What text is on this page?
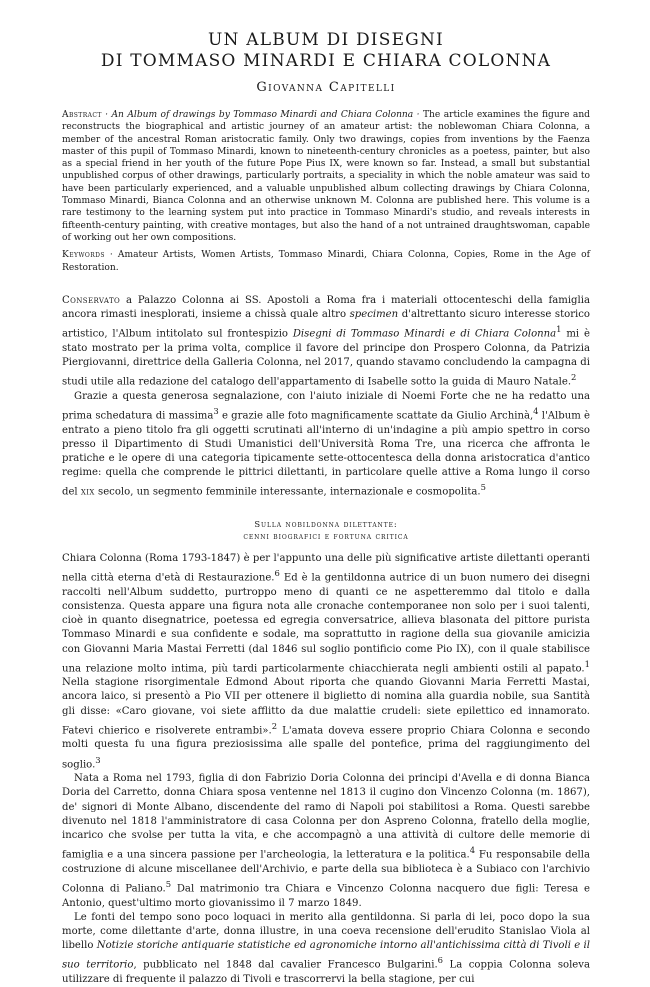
UN ALBUM DI DISEGNI
DI TOMMASO MINARDI E CHIARA COLONNA
Giovanna Capitelli

Abstract · An Album of drawings by Tommaso Minardi and Chiara Colonna · The article examines the figure and reconstructs the biographical and artistic journey of an amateur artist: the noblewoman Chiara Colonna, a member of the ancestral Roman aristocratic family. Only two drawings, copies from inventions by the Faenza master of this pupil of Tommaso Minardi, known to nineteenth-century chronicles as a poetess, painter, but also as a special friend in her youth of the future Pope Pius IX, were known so far. Instead, a small but substantial unpublished corpus of other drawings, particularly portraits, a speciality in which the noble amateur was said to have been particularly experienced, and a valuable unpublished album collecting drawings by Chiara Colonna, Tommaso Minardi, Bianca Colonna and an otherwise unknown M. Colonna are published here. This volume is a rare testimony to the learning system put into practice in Tommaso Minardi's studio, and reveals interests in fifteenth-century painting, with creative montages, but also the hand of a not untrained draughtswoman, capable of working out her own compositions.

Keywords · Amateur Artists, Women Artists, Tommaso Minardi, Chiara Colonna, Copies, Rome in the Age of Restoration.

Conservato a Palazzo Colonna ai SS. Apostoli a Roma fra i materiali ottocenteschi della famiglia ancora rimasti inesplorati, insieme a chissà quale altro specimen d'altrettanto sicuro interesse storico artistico, l'Album intitolato sul frontespizio Disegni di Tommaso Minardi e di Chiara Colonna$^1$ mi è stato mostrato per la prima volta, complice il favore del principe don Prospero Colonna, da Patrizia Piergiovanni, direttrice della Galleria Colonna, nel 2017, quando stavamo concludendo la campagna di studi utile alla redazione del catalogo dell'appartamento di Isabelle sotto la guida di Mauro Natale.$^2$

Grazie a questa generosa segnalazione, con l'aiuto iniziale di Noemi Forte che ne ha redatto una prima schedatura di massima$^3$ e grazie alle foto magnificamente scattate da Giulio Archinà,$^4$ l'Album è entrato a pieno titolo fra gli oggetti scrutinati all'interno di un'indagine a più ampio spettro in corso presso il Dipartimento di Studi Umanistici dell'Università Roma Tre, una ricerca che affronta le pratiche e le opere di una categoria tipicamente sette-ottocentesca della donna aristocratica d'antico regime: quella che comprende le pittrici dilettanti, in particolare quelle attive a Roma lungo il corso del xix secolo, un segmento femminile interessante, internazionale e cosmopolita.$^5$

Sulla nobildonna dilettante:
cenni biografici e fortuna critica

Chiara Colonna (Roma 1793-1847) è per l'appunto una delle più significative artiste dilettanti operanti nella città eterna d'età di Restaurazione.$^6$ Ed è la gentildonna autrice di un buon numero dei disegni raccolti nell'Album suddetto, purtroppo meno di quanti ce ne aspetteremmo dal titolo e dalla consistenza. Questa appare una figura nota alle cronache contemporanee non solo per i suoi talenti, cioè in quanto disegnatrice, poetessa ed egregia conversatrice, allieva blasonata del pittore purista Tommaso Minardi e sua confidente e sodale, ma soprattutto in ragione della sua giovanile amicizia con Giovanni Maria Mastai Ferretti (dal 1846 sul soglio pontificio come Pio IX), con il quale stabilisce una relazione molto intima, più tardi particolarmente chiacchierata negli ambienti ostili al papato.$^1$ Nella stagione risorgimentale Edmond About riporta che quando Giovanni Maria Ferretti Mastai, ancora laico, si presentò a Pio VII per ottenere il biglietto di nomina alla guardia nobile, sua Santità gli disse: «Caro giovane, voi siete afflitto da due malattie crudeli: siete epilettico ed innamorato. Fatevi chierico e risolverete entrambi».$^2$ L'amata doveva essere proprio Chiara Colonna e secondo molti questa fu una figura preziosissima alle spalle del pontefice, prima del raggiungimento del soglio.$^3$

Nata a Roma nel 1793, figlia di don Fabrizio Doria Colonna dei principi d'Avella e di donna Bianca Doria del Carretto, donna Chiara sposa ventenne nel 1813 il cugino don Vincenzo Colonna (m. 1867), de' signori di Monte Albano, discendente del ramo di Napoli poi stabilitosi a Roma. Questi sarebbe divenuto nel 1818 l'amministratore di casa Colonna per don Aspreno Colonna, fratello della moglie, incarico che svolse per tutta la vita, e che accompagnò a una attività di cultore delle memorie di famiglia e a una sincera passione per l'archeologia, la letteratura e la politica.$^4$ Fu responsabile della costruzione di alcune miscellanee dell'Archivio, e parte della sua biblioteca è a Subiaco con l'archivio Colonna di Paliano.$^5$ Dal matrimonio tra Chiara e Vincenzo Colonna nacquero due figli: Teresa e Antonio, quest'ultimo morto giovanissimo il 7 marzo 1849.

Le fonti del tempo sono poco loquaci in merito alla gentildonna. Si parla di lei, poco dopo la sua morte, come dilettante d'arte, donna illustre, in una coeva recensione dell'erudito Stanislao Viola al libello Notizie storiche antiquarie statistiche ed agronomiche intorno all'antichissima città di Tivoli e il suo territorio, pubblicato nel 1848 dal cavalier Francesco Bulgarini.$^6$ La coppia Colonna soleva utilizzare di frequente il palazzo di Tivoli e trascorrervi la bella stagione, per cui
